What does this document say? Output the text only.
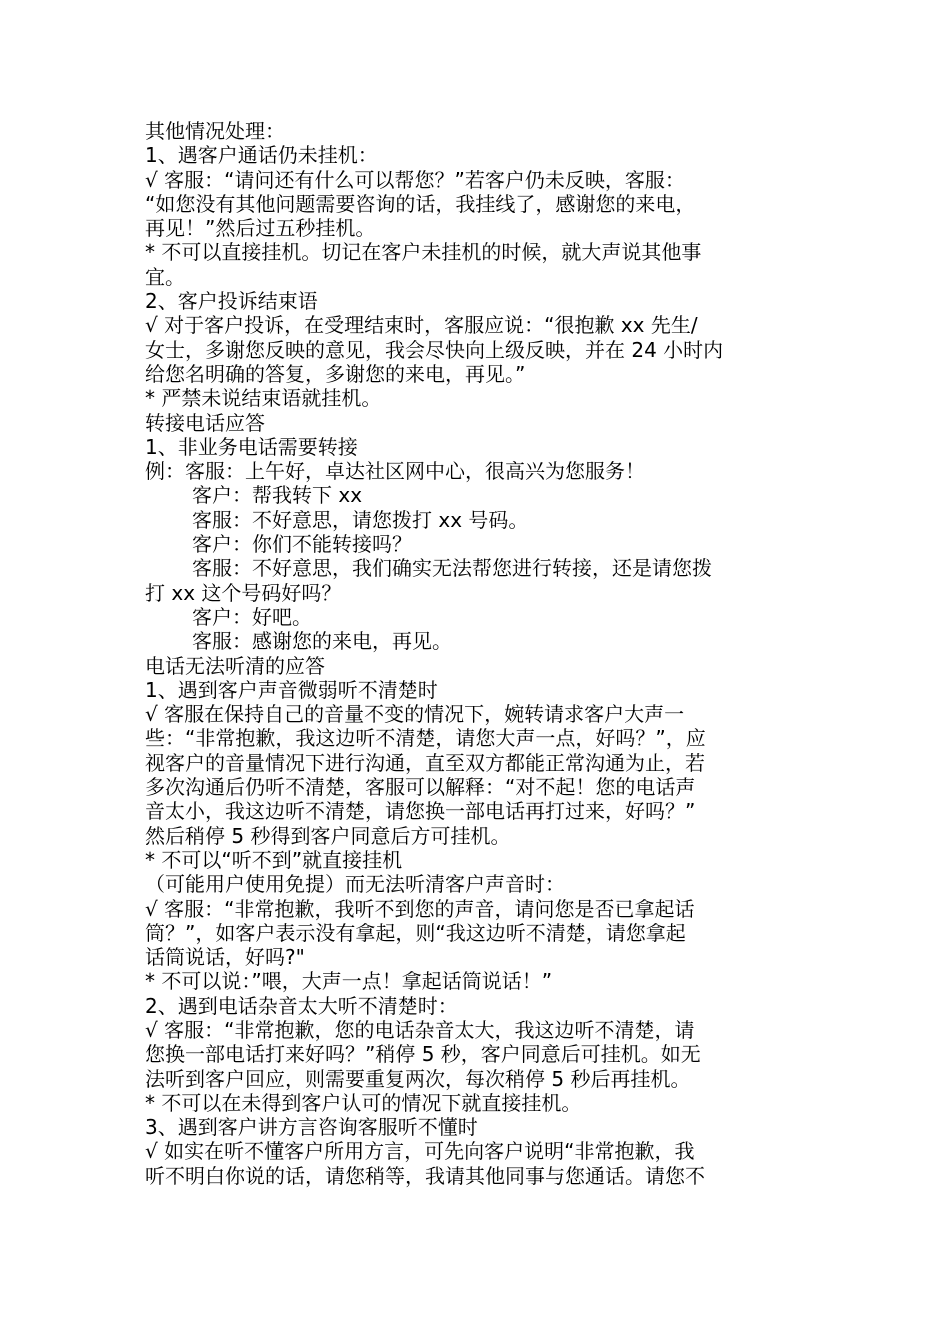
其他情况处理：

1、遇客户通话仍未挂机：

√ 客服：“请问还有什么可以帮您？”若客户仍未反映，客服：

“如您没有其他问题需要咨询的话，我挂线了，感谢您的来电，

再见！”然后过五秒挂机。

* 不可以直接挂机。切记在客户未挂机的时候，就大声说其他事

宜。

2、客户投诉结束语

√ 对于客户投诉，在受理结束时，客服应说：“很抱歉 xx 先生/

女士，多谢您反映的意见，我会尽快向上级反映，并在 24 小时内

给您名明确的答复，多谢您的来电，再见。”

* 严禁未说结束语就挂机。

转接电话应答

1、非业务电话需要转接

例：客服：上午好，卓达社区网中心，很高兴为您服务！

客户：帮我转下 xx

客服：不好意思，请您拨打 xx 号码。

客户：你们不能转接吗？

客服：不好意思，我们确实无法帮您进行转接，还是请您拨

打 xx 这个号码好吗？

客户：好吧。

客服：感谢您的来电，再见。

电话无法听清的应答

1、遇到客户声音微弱听不清楚时

√ 客服在保持自己的音量不变的情况下，婉转请求客户大声一

些：“非常抱歉，我这边听不清楚，请您大声一点，好吗？”，应

视客户的音量情况下进行沟通，直至双方都能正常沟通为止，若

多次沟通后仍听不清楚，客服可以解释：“对不起！您的电话声

音太小，我这边听不清楚，请您换一部电话再打过来，好吗？”

然后稍停 5 秒得到客户同意后方可挂机。

* 不可以“听不到”就直接挂机

（可能用户使用免提）而无法听清客户声音时：

√ 客服：“非常抱歉，我听不到您的声音，请问您是否已拿起话

筒？”，如客户表示没有拿起，则“我这边听不清楚，请您拿起

话筒说话，好吗?"

* 不可以说：”喂，大声一点！拿起话筒说话！”

2、遇到电话杂音太大听不清楚时：

√ 客服：“非常抱歉，您的电话杂音太大，我这边听不清楚，请

您换一部电话打来好吗？”稍停 5 秒，客户同意后可挂机。如无

法听到客户回应，则需要重复两次，每次稍停 5 秒后再挂机。

* 不可以在未得到客户认可的情况下就直接挂机。

3、遇到客户讲方言咨询客服听不懂时

√ 如实在听不懂客户所用方言，可先向客户说明“非常抱歉，我

听不明白你说的话，请您稍等，我请其他同事与您通话。请您不
